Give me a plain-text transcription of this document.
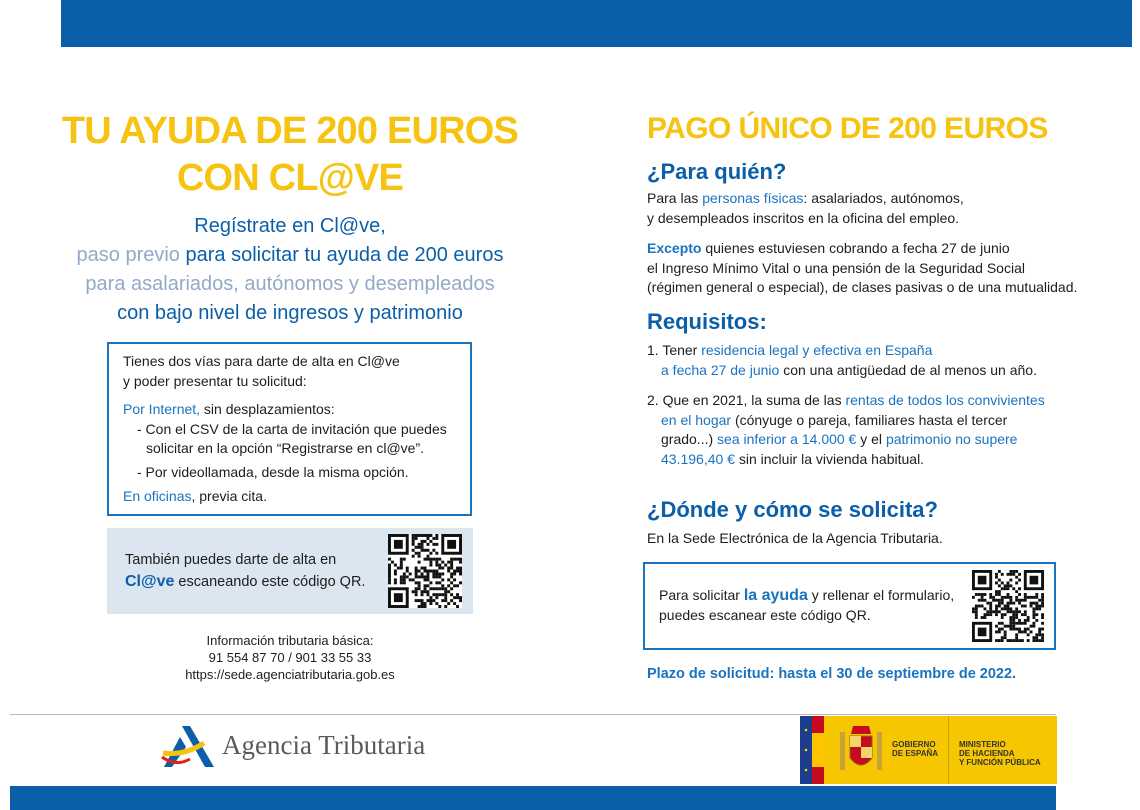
TU AYUDA DE 200 EUROS
CON CL@VE
Regístrate en Cl@ve,
paso previo para solicitar tu ayuda de 200 euros
para asalariados, autónomos y desempleados
con bajo nivel de ingresos y patrimonio

Tienes dos vías para darte de alta en Cl@ve

y poder presentar tu solicitud:

Por Internet, sin desplazamientos:

- Con el CSV de la carta de invitación que puedes

solicitar en la opción “Registrarse en cl@ve”.

- Por videollamada, desde la misma opción.

En oficinas, previa cita.

También puedes darte de alta en
Cl@ve escaneando este código QR.
Información tributaria básica:
91 554 87 70 / 901 33 55 33
https://sede.agenciatributaria.gob.es
PAGO ÚNICO DE 200 EUROS
¿Para quién?

Para las personas físicas: asalariados, autónomos,

y desempleados inscritos en la oficina del empleo.

Excepto quienes estuviesen cobrando a fecha 27 de junio

el Ingreso Mínimo Vital o una pensión de la Seguridad Social

(régimen general o especial), de clases pasivas o de una mutualidad.

Requisitos:

1. Tener residencia legal y efectiva en España

a fecha 27 de junio con una antigüedad de al menos un año.

2. Que en 2021, la suma de las rentas de todos los convivientes

en el hogar (cónyuge o pareja, familiares hasta el tercer

grado...) sea inferior a 14.000 € y el patrimonio no supere

43.196,40 € sin incluir la vivienda habitual.

¿Dónde y cómo se solicita?
En la Sede Electrónica de la Agencia Tributaria.

Para solicitar la ayuda y rellenar el formulario,

puedes escanear este código QR.

Plazo de solicitud: hasta el 30 de septiembre de 2022.
Agencia Tributaria	GOBIERNO
DE ESPAÑA
MINISTERIO
DE HACIENDA
Y FUNCIÓN PÚBLICA
